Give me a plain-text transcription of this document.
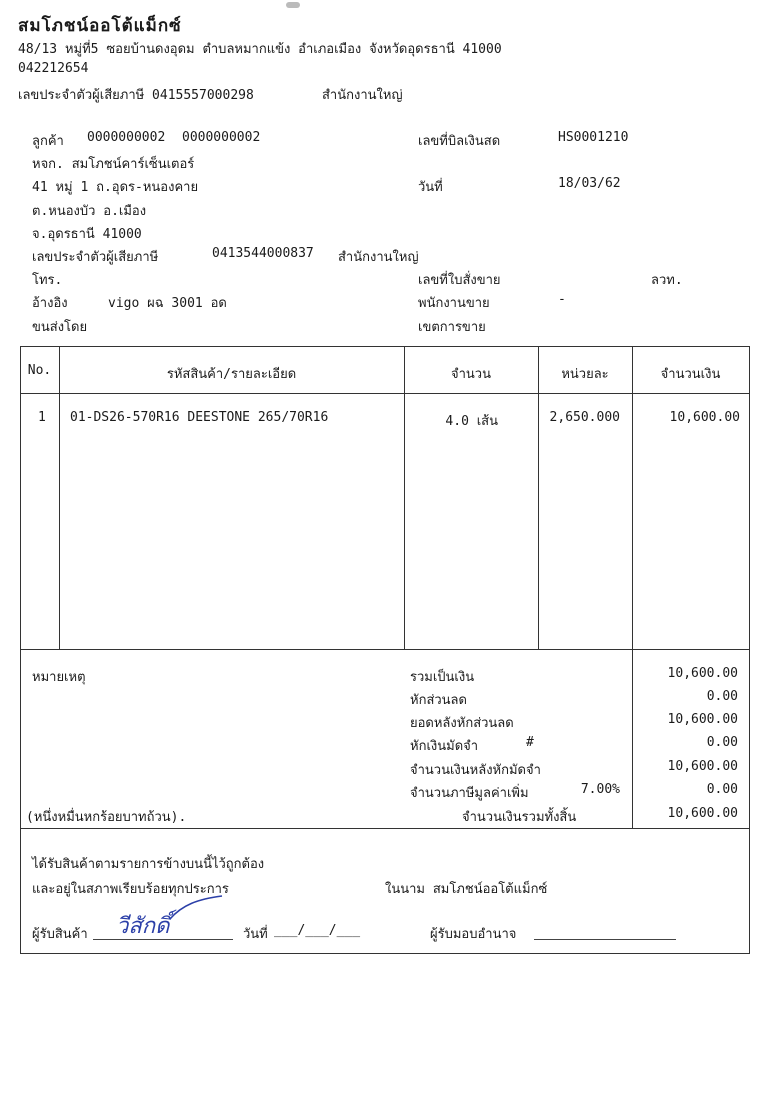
สมโภชน์ออโต้แม็กซ์
48/13 หมู่ที่5 ซอยบ้านดงอุดม ตำบลหมากแข้ง อำเภอเมือง จังหวัดอุดรธานี 41000
042212654
เลขประจำตัวผู้เสียภาษี 0415557000298	สำนักงานใหญ่
ลูกค้า 0000000002 0000000002
หจก. สมโภชน์คาร์เซ็นเตอร์
41 หมู่ 1 ถ.อุดร-หนองคาย
ต.หนองบัว อ.เมือง
จ.อุดรธานี 41000
เลขประจำตัวผู้เสียภาษี	0413544000837 สำนักงานใหญ่
โทร.
อ้างอิง	vigo ผฉ 3001 อด
ขนส่งโดย
เลขที่บิลเงินสด	HS0001210
วันที่	18/03/62
เลขที่ใบสั่งขาย	ลวท.
พนักงานขาย	-
เขตการขาย
No.	รหัสสินค้า/รายละเอียด	จำนวน	หน่วยละ	จำนวนเงิน
1 01-DS26-570R16 DEESTONE 265/70R16	4.0 เส้น	2,650.000	10,600.00
หมายเหตุ
(หนึ่งหมื่นหกร้อยบาทถ้วน).
รวมเป็นเงิน	10,600.00
หักส่วนลด	0.00
ยอดหลังหักส่วนลด	10,600.00
หักเงินมัดจำ	#	0.00
จำนวนเงินหลังหักมัดจำ	10,600.00
จำนวนภาษีมูลค่าเพิ่ม	7.00%	0.00
จำนวนเงินรวมทั้งสิ้น	10,600.00
ได้รับสินค้าตามรายการข้างบนนี้ไว้ถูกต้อง
และอยู่ในสภาพเรียบร้อยทุกประการ	ในนาม สมโภชน์ออโต้แม็กซ์
ผู้รับสินค้า วีสักดิ์	วันที่ ___/___/___	ผู้รับมอบอำนาจ
